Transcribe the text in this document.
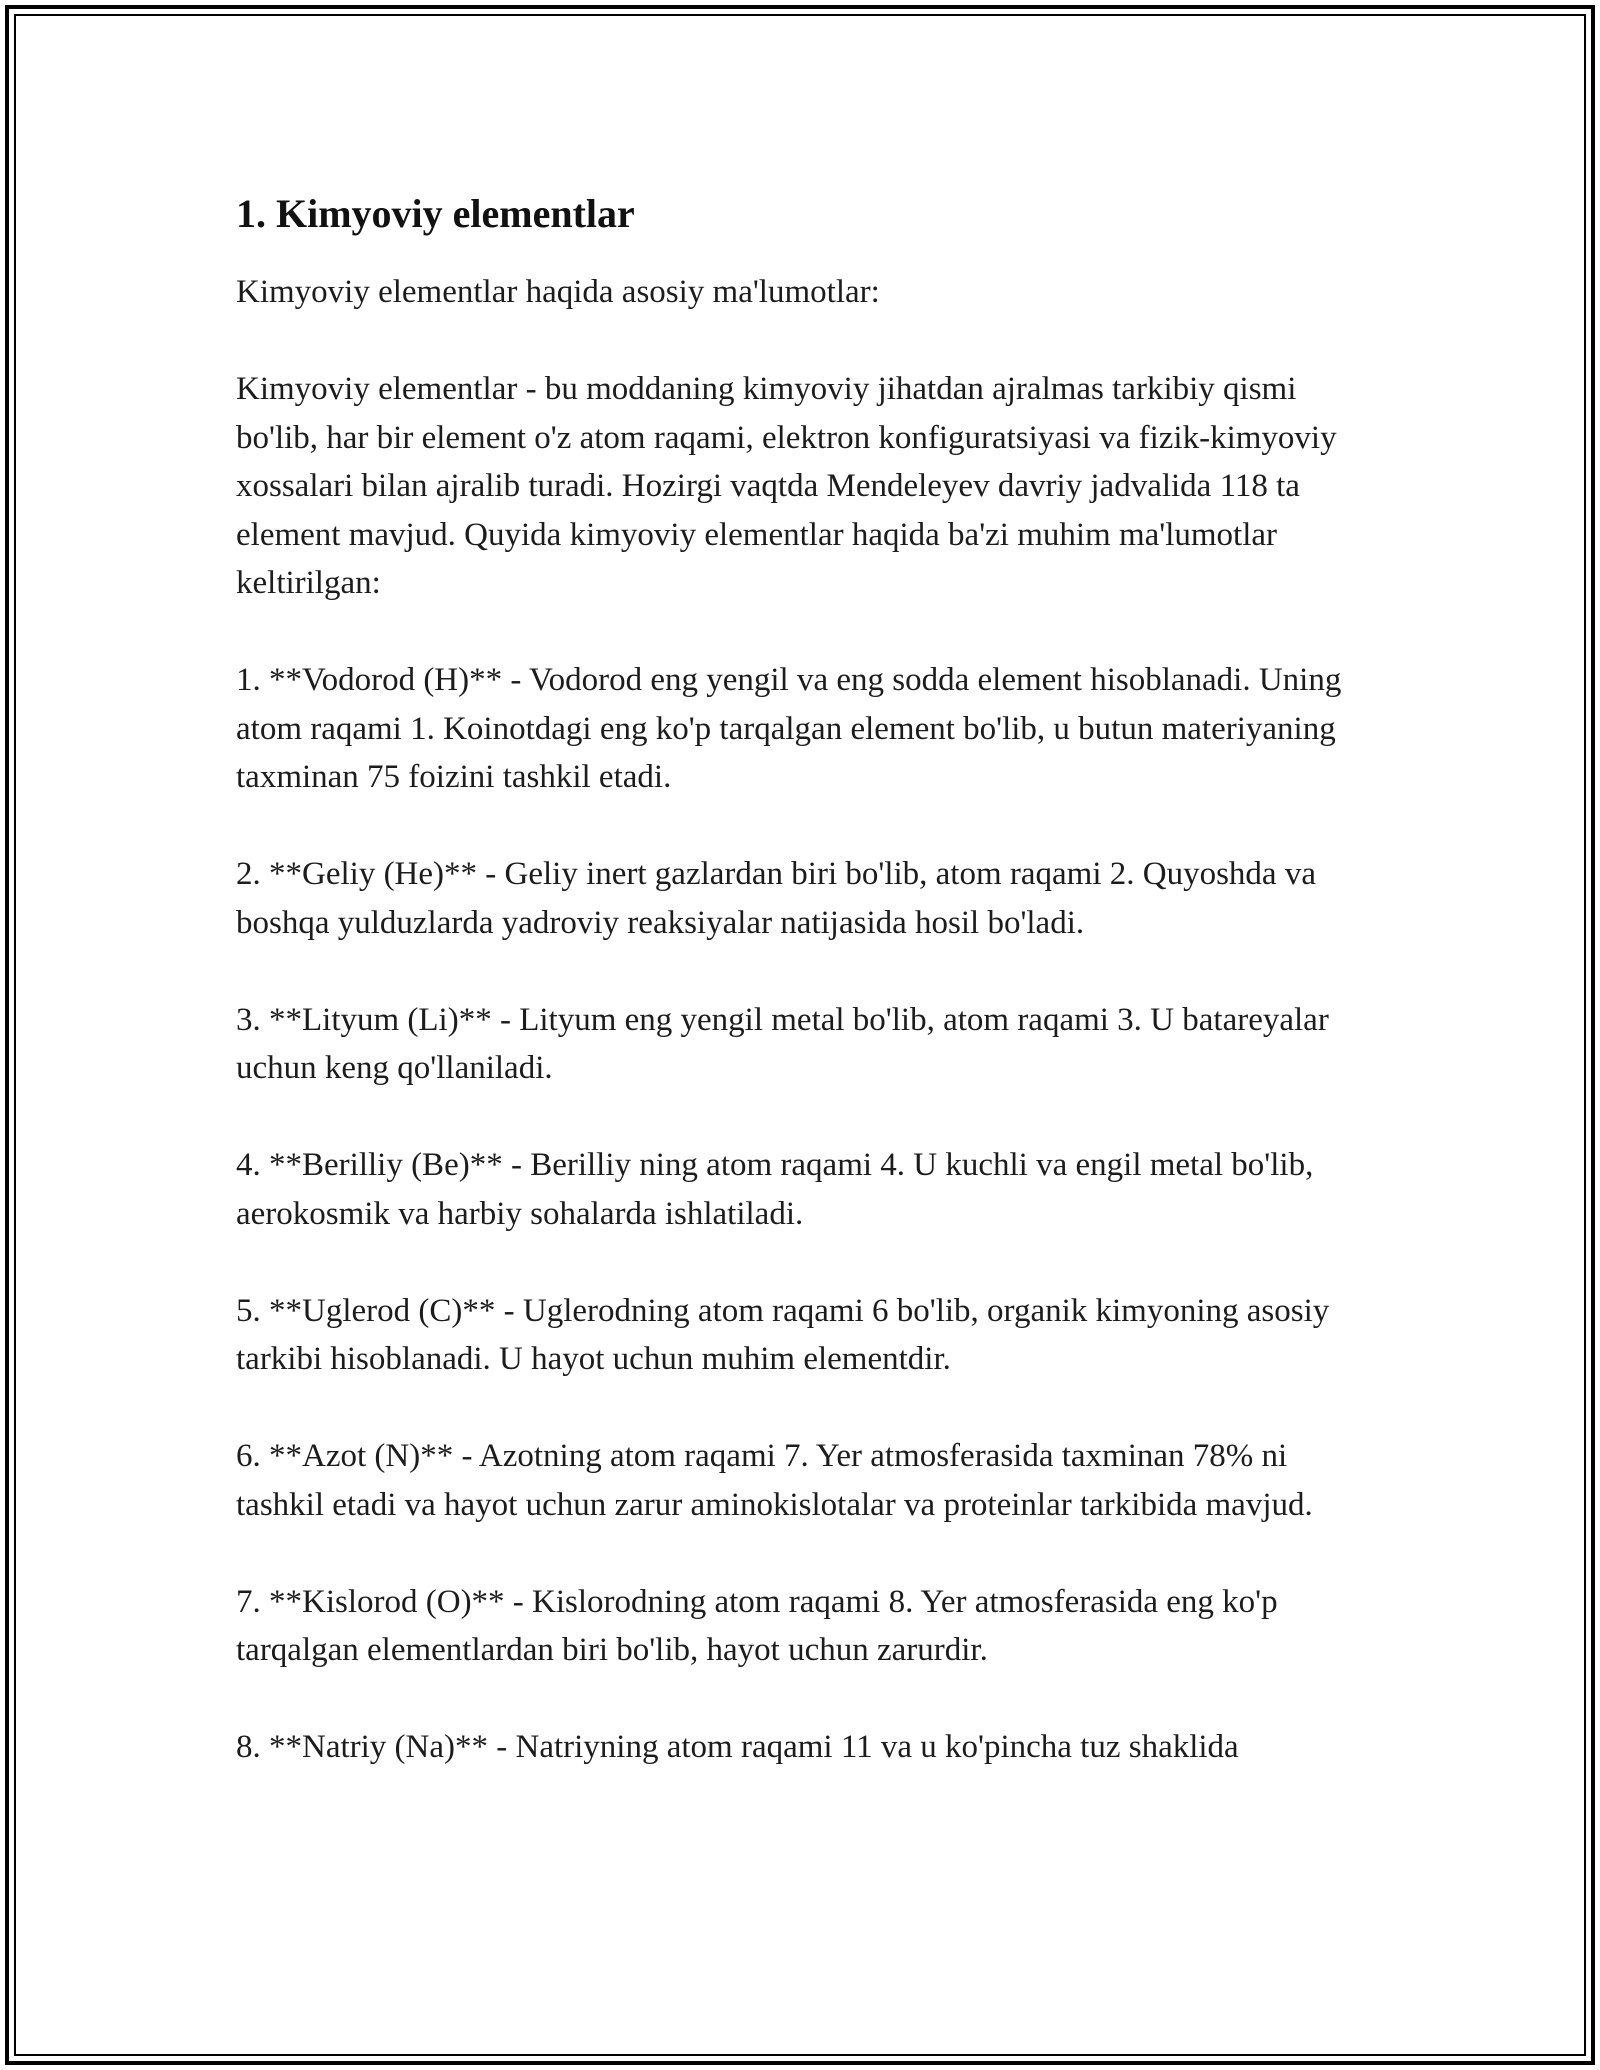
1. Kimyoviy elementlar

Kimyoviy elementlar haqida asosiy ma'lumotlar:

Kimyoviy elementlar - bu moddaning kimyoviy jihatdan ajralmas tarkibiy qismi bo'lib, har bir element o'z atom raqami, elektron konfiguratsiyasi va fizik-kimyoviy xossalari bilan ajralib turadi. Hozirgi vaqtda Mendeleyev davriy jadvalida 118 ta element mavjud. Quyida kimyoviy elementlar haqida ba'zi muhim ma'lumotlar keltirilgan:

1. **Vodorod (H)** - Vodorod eng yengil va eng sodda element hisoblanadi. Uning atom raqami 1. Koinotdagi eng ko'p tarqalgan element bo'lib, u butun materiyaning taxminan 75 foizini tashkil etadi.

2. **Geliy (He)** - Geliy inert gazlardan biri bo'lib, atom raqami 2. Quyoshda va boshqa yulduzlarda yadroviy reaksiyalar natijasida hosil bo'ladi.

3. **Lityum (Li)** - Lityum eng yengil metal bo'lib, atom raqami 3. U batareyalar uchun keng qo'llaniladi.

4. **Berilliy (Be)** - Berilliy ning atom raqami 4. U kuchli va engil metal bo'lib, aerokosmik va harbiy sohalarda ishlatiladi.

5. **Uglerod (C)** - Uglerodning atom raqami 6 bo'lib, organik kimyoning asosiy tarkibi hisoblanadi. U hayot uchun muhim elementdir.

6. **Azot (N)** - Azotning atom raqami 7. Yer atmosferasida taxminan 78% ni tashkil etadi va hayot uchun zarur aminokislotalar va proteinlar tarkibida mavjud.

7. **Kislorod (O)** - Kislorodning atom raqami 8. Yer atmosferasida eng ko'p tarqalgan elementlardan biri bo'lib, hayot uchun zarurdir.

8. **Natriy (Na)** - Natriyning atom raqami 11 va u ko'pincha tuz shaklida
